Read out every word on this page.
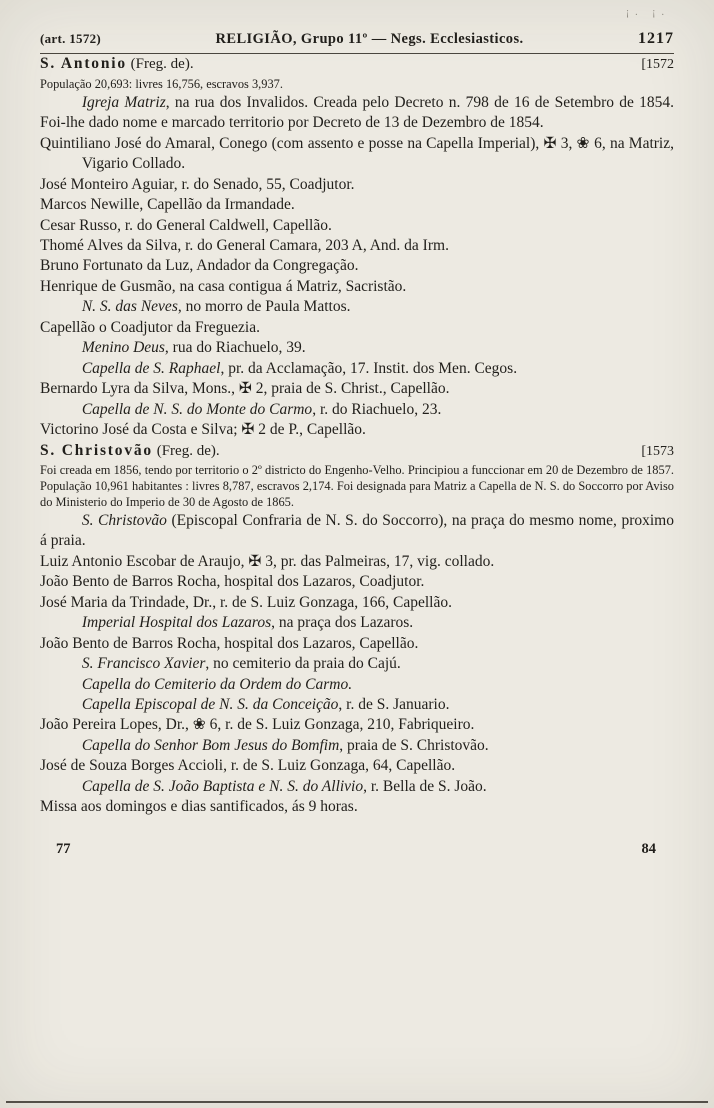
¡. ¡.
(art. 1572)	RELIGIÃO, Grupo 11º — Negs. Ecclesiasticos.	1217
S. Antonio (Freg. de).	[1572

População 20,693: livres 16,756, escravos 3,937.

Igreja Matriz, na rua dos Invalidos. Creada pelo Decreto n. 798 de 16 de Setembro de 1854. Foi-lhe dado nome e marcado territorio por Decreto de 13 de Dezembro de 1854.

Quintiliano José do Amaral, Conego (com assento e posse na Capella Imperial), ✠ 3, ❀ 6, na Matriz, Vigario Collado.

José Monteiro Aguiar, r. do Senado, 55, Coadjutor.

Marcos Newille, Capellão da Irmandade.

Cesar Russo, r. do General Caldwell, Capellão.

Thomé Alves da Silva, r. do General Camara, 203 A, And. da Irm.

Bruno Fortunato da Luz, Andador da Congregação.

Henrique de Gusmão, na casa contigua á Matriz, Sacristão.

N. S. das Neves, no morro de Paula Mattos.

Capellão o Coadjutor da Freguezia.

Menino Deus, rua do Riachuelo, 39.

Capella de S. Raphael, pr. da Acclamação, 17. Instit. dos Men. Cegos.

Bernardo Lyra da Silva, Mons., ✠ 2, praia de S. Christ., Capellão.

Capella de N. S. do Monte do Carmo, r. do Riachuelo, 23.

Victorino José da Costa e Silva; ✠ 2 de P., Capellão.

S. Christovão (Freg. de).	[1573

Foi creada em 1856, tendo por territorio o 2º districto do Engenho-Velho. Principiou a funccionar em 20 de Dezembro de 1857. População 10,961 habitantes : livres 8,787, escravos 2,174. Foi designada para Matriz a Capella de N. S. do Soccorro por Aviso do Ministerio do Imperio de 30 de Agosto de 1865.

S. Christovão (Episcopal Confraria de N. S. do Soccorro), na praça do mesmo nome, proximo á praia.

Luiz Antonio Escobar de Araujo, ✠ 3, pr. das Palmeiras, 17, vig. collado.

João Bento de Barros Rocha, hospital dos Lazaros, Coadjutor.

José Maria da Trindade, Dr., r. de S. Luiz Gonzaga, 166, Capellão.

Imperial Hospital dos Lazaros, na praça dos Lazaros.

João Bento de Barros Rocha, hospital dos Lazaros, Capellão.

S. Francisco Xavier, no cemiterio da praia do Cajú.

Capella do Cemiterio da Ordem do Carmo.

Capella Episcopal de N. S. da Conceição, r. de S. Januario.

João Pereira Lopes, Dr., ❀ 6, r. de S. Luiz Gonzaga, 210, Fabriqueiro.

Capella do Senhor Bom Jesus do Bomfim, praia de S. Christovão.

José de Souza Borges Accioli, r. de S. Luiz Gonzaga, 64, Capellão.

Capella de S. João Baptista e N. S. do Allivio, r. Bella de S. João.

Missa aos domingos e dias santificados, ás 9 horas.

77	84
